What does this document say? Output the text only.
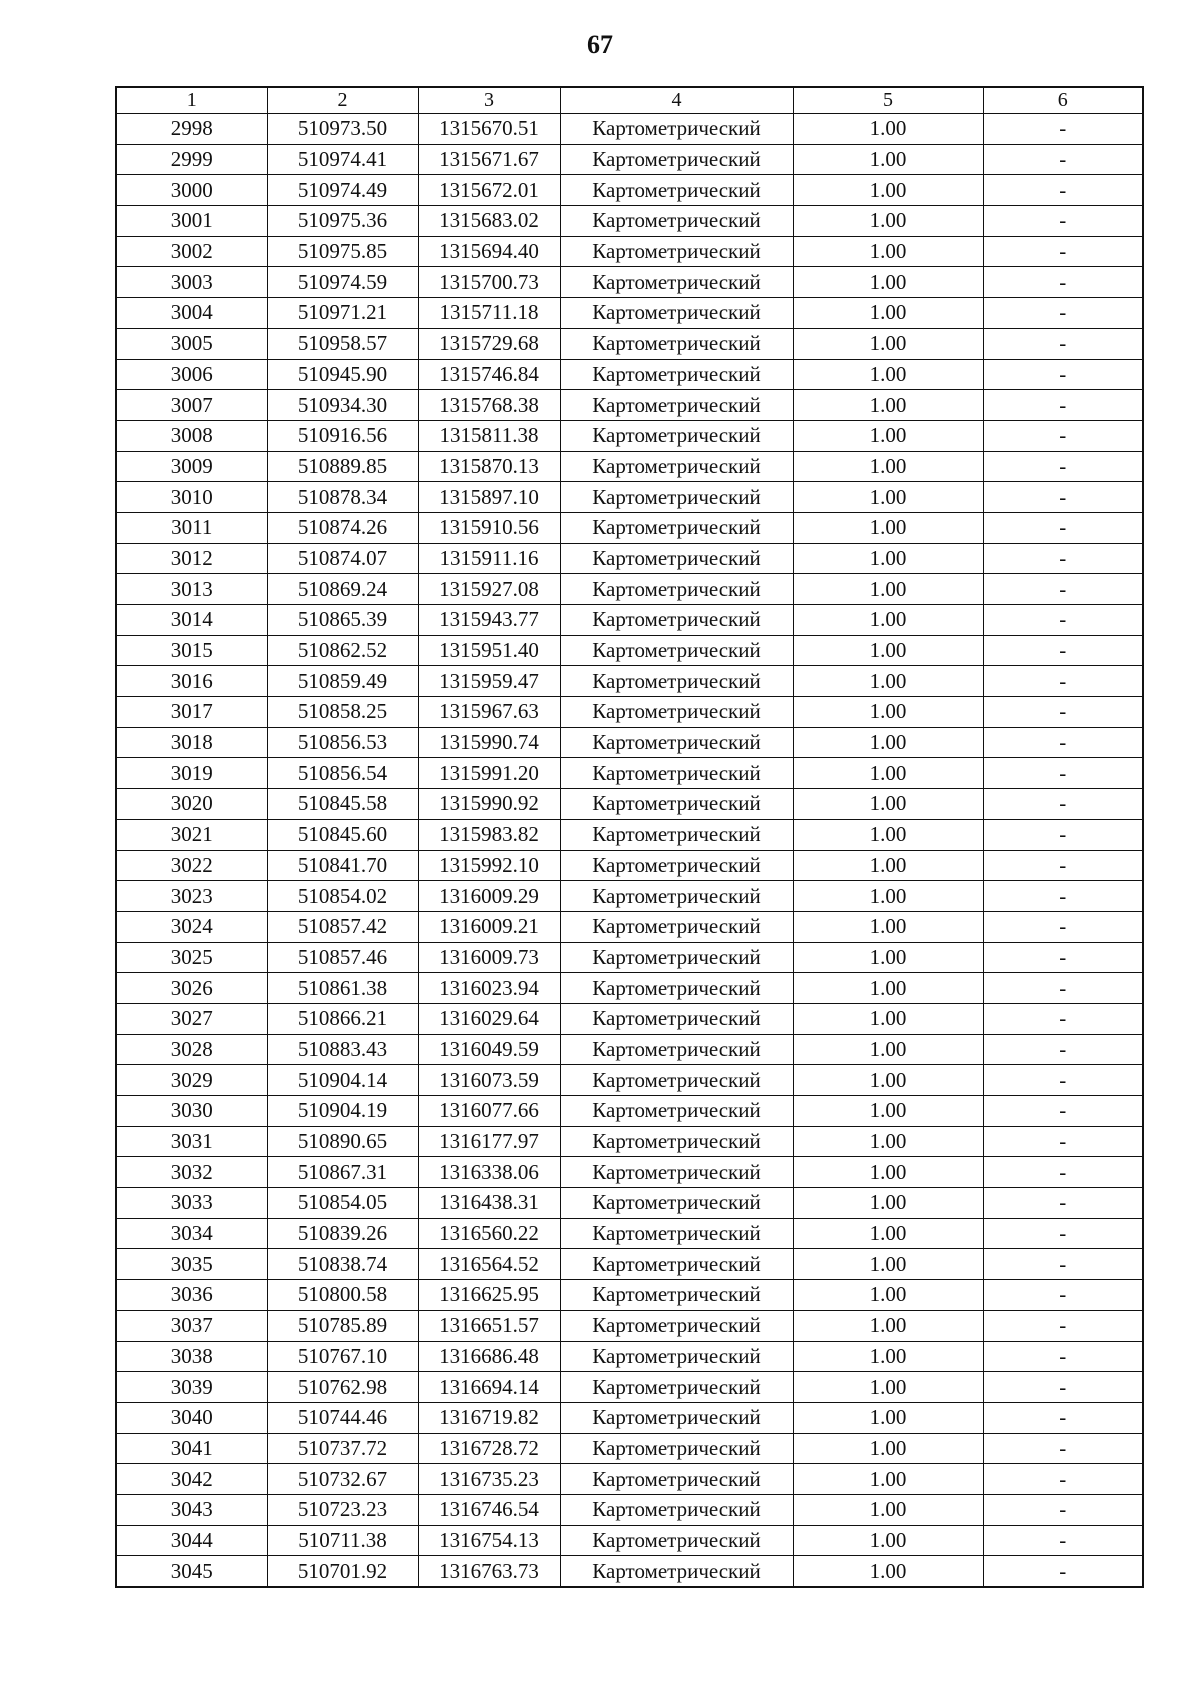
67
1	2	3	4	5	6
2998	510973.50	1315670.51	Картометрический	1.00	-
2999	510974.41	1315671.67	Картометрический	1.00	-
3000	510974.49	1315672.01	Картометрический	1.00	-
3001	510975.36	1315683.02	Картометрический	1.00	-
3002	510975.85	1315694.40	Картометрический	1.00	-
3003	510974.59	1315700.73	Картометрический	1.00	-
3004	510971.21	1315711.18	Картометрический	1.00	-
3005	510958.57	1315729.68	Картометрический	1.00	-
3006	510945.90	1315746.84	Картометрический	1.00	-
3007	510934.30	1315768.38	Картометрический	1.00	-
3008	510916.56	1315811.38	Картометрический	1.00	-
3009	510889.85	1315870.13	Картометрический	1.00	-
3010	510878.34	1315897.10	Картометрический	1.00	-
3011	510874.26	1315910.56	Картометрический	1.00	-
3012	510874.07	1315911.16	Картометрический	1.00	-
3013	510869.24	1315927.08	Картометрический	1.00	-
3014	510865.39	1315943.77	Картометрический	1.00	-
3015	510862.52	1315951.40	Картометрический	1.00	-
3016	510859.49	1315959.47	Картометрический	1.00	-
3017	510858.25	1315967.63	Картометрический	1.00	-
3018	510856.53	1315990.74	Картометрический	1.00	-
3019	510856.54	1315991.20	Картометрический	1.00	-
3020	510845.58	1315990.92	Картометрический	1.00	-
3021	510845.60	1315983.82	Картометрический	1.00	-
3022	510841.70	1315992.10	Картометрический	1.00	-
3023	510854.02	1316009.29	Картометрический	1.00	-
3024	510857.42	1316009.21	Картометрический	1.00	-
3025	510857.46	1316009.73	Картометрический	1.00	-
3026	510861.38	1316023.94	Картометрический	1.00	-
3027	510866.21	1316029.64	Картометрический	1.00	-
3028	510883.43	1316049.59	Картометрический	1.00	-
3029	510904.14	1316073.59	Картометрический	1.00	-
3030	510904.19	1316077.66	Картометрический	1.00	-
3031	510890.65	1316177.97	Картометрический	1.00	-
3032	510867.31	1316338.06	Картометрический	1.00	-
3033	510854.05	1316438.31	Картометрический	1.00	-
3034	510839.26	1316560.22	Картометрический	1.00	-
3035	510838.74	1316564.52	Картометрический	1.00	-
3036	510800.58	1316625.95	Картометрический	1.00	-
3037	510785.89	1316651.57	Картометрический	1.00	-
3038	510767.10	1316686.48	Картометрический	1.00	-
3039	510762.98	1316694.14	Картометрический	1.00	-
3040	510744.46	1316719.82	Картометрический	1.00	-
3041	510737.72	1316728.72	Картометрический	1.00	-
3042	510732.67	1316735.23	Картометрический	1.00	-
3043	510723.23	1316746.54	Картометрический	1.00	-
3044	510711.38	1316754.13	Картометрический	1.00	-
3045	510701.92	1316763.73	Картометрический	1.00	-
